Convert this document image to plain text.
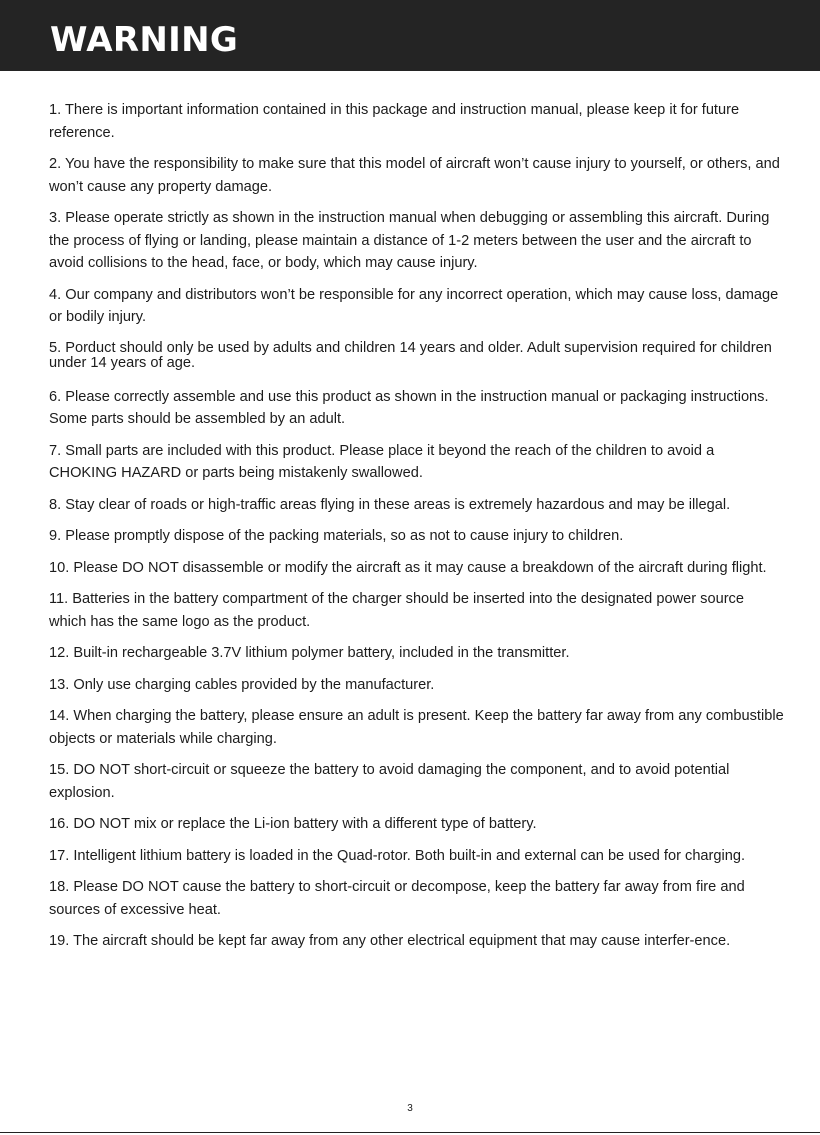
WARNING
1. There is important information contained in this package and instruction manual, please keep it for future reference.
2. You have the responsibility to make sure that this model of aircraft won’t cause injury to yourself, or others, and won’t cause any property damage.
3. Please operate strictly as shown in the instruction manual when debugging or assembling this aircraft. During the process of flying or landing, please maintain a distance of 1-2 meters between the user and the aircraft to avoid collisions to the head, face, or body, which may cause injury.
4. Our company and distributors won’t be responsible for any incorrect operation, which may cause loss, damage or bodily injury.
5. Porduct should only be used by adults and children 14 years and older. Adult supervision required for children under 14 years of age.
6. Please correctly assemble and use this product as shown in the instruction manual or packaging instructions. Some parts should be assembled by an adult.
7. Small parts are included with this product. Please place it beyond the reach of the children to avoid a CHOKING HAZARD or parts being mistakenly swallowed.
8. Stay clear of roads or high-traffic areas flying in these areas is extremely hazardous and may be illegal.
9. Please promptly dispose of the packing materials, so as not to cause injury to children.
10. Please DO NOT disassemble or modify the aircraft as it may cause a breakdown of the aircraft during flight.
11. Batteries in the battery compartment of the charger should be inserted into the designated power source which has the same logo as the product.
12. Built-in rechargeable 3.7V lithium polymer battery, included in the transmitter.
13. Only use charging cables provided by the manufacturer.
14. When charging the battery, please ensure an adult is present. Keep the battery far away from any combustible objects or materials while charging.
15. DO NOT short-circuit or squeeze the battery to avoid damaging the component, and to avoid potential explosion.
16. DO NOT mix or replace the Li-ion battery with a different type of battery.
17. Intelligent lithium battery is loaded in the Quad-rotor. Both built-in and external can be used for charging.
18. Please DO NOT cause the battery to short-circuit or decompose, keep the battery far away from fire and sources of excessive heat.
19. The aircraft should be kept far away from any other electrical equipment that may cause interfer-ence.

3
